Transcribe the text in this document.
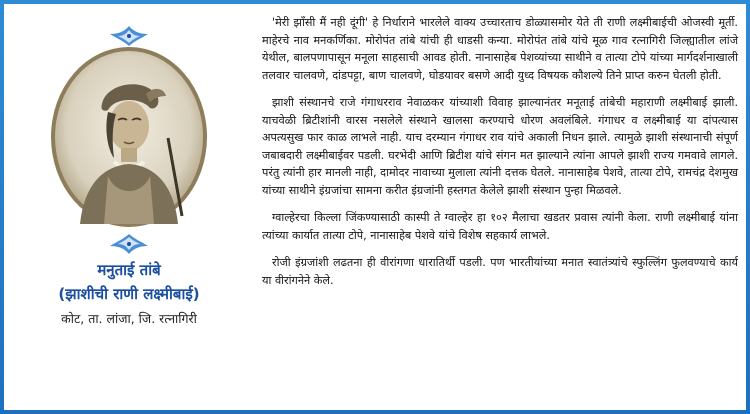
मनुताई तांबे
(झाशीची राणी लक्ष्मीबाई)
कोट, ता. लांजा, जि. रत्नागिरी

'मेरी झाँसी मैं नही दूंगी' हे निर्धाराने भारलेले वाक्य उच्चारताच डोळ्यासमोर येते ती राणी लक्ष्मीबाईची ओजस्वी मूर्ती. माहेरचे नाव मनकर्णिका. मोरोपंत तांबे यांची ही धाडसी कन्या. मोरोपंत तांबे यांचे मूळ गाव रत्नागिरी जिल्ह्यातील लांजे येथील, बालपणापासून मनूला साहसाची आवड होती. नानासाहेब पेशव्यांच्या साथीने व तात्या टोपे यांच्या मार्गदर्शनाखाली तलवार चालवणे, दांडपट्टा, बाण चालवणे, घोडयावर बसणे आदी युध्द विषयक कौशल्ये तिने प्राप्त करुन घेतली होती.

झाशी संस्थानचे राजे गंगाधरराव नेवाळकर यांच्याशी विवाह झाल्यानंतर मनूताई तांबेची महाराणी लक्ष्मीबाई झाली. याचवेळी ब्रिटीशांनी वारस नसलेले संस्थाने खालसा करण्याचे धोरण अवलंबिले. गंगाधर व लक्ष्मीबाई या दांपत्यास अपत्यसुख फार काळ लाभले नाही. याच दरम्यान गंगाधर राव यांचे अकाली निधन झाले. त्यामुळे झाशी संस्थानाची संपूर्ण जबाबदारी लक्ष्मीबाईवर पडली. घरभेदी आणि ब्रिटीश यांचे संगन मत झाल्याने त्यांना आपले झाशी राज्य गमवावे लागले. परंतु त्यांनी हार मानली नाही, दामोदर नावाच्या मुलाला त्यांनी दत्तक घेतले. नानासाहेब पेशवे, तात्या टोपे, रामचंद्र देशमुख यांच्या साथीने इंग्रजांचा सामना करीत इंग्रजांनी हस्तगत केलेले झाशी संस्थान पुन्हा मिळवले.

ग्वाल्हेरचा किल्ला जिंकण्यासाठी कास्पी ते ग्वाल्हेर हा १०२ मैलाचा खडतर प्रवास त्यांनी केला. राणी लक्ष्मीबाई यांना त्यांच्या कार्यात तात्या टोपे, नानासाहेब पेशवे यांचे विशेष सहकार्य लाभले.

रोजी इंग्रजांशी लढतना ही वीरांगणा धारातिर्थी पडली. पण भारतीयांच्या मनात स्वातंत्र्यांचे स्फुल्लिंग फुलवण्याचे कार्य या वीरांगनेने केले.
